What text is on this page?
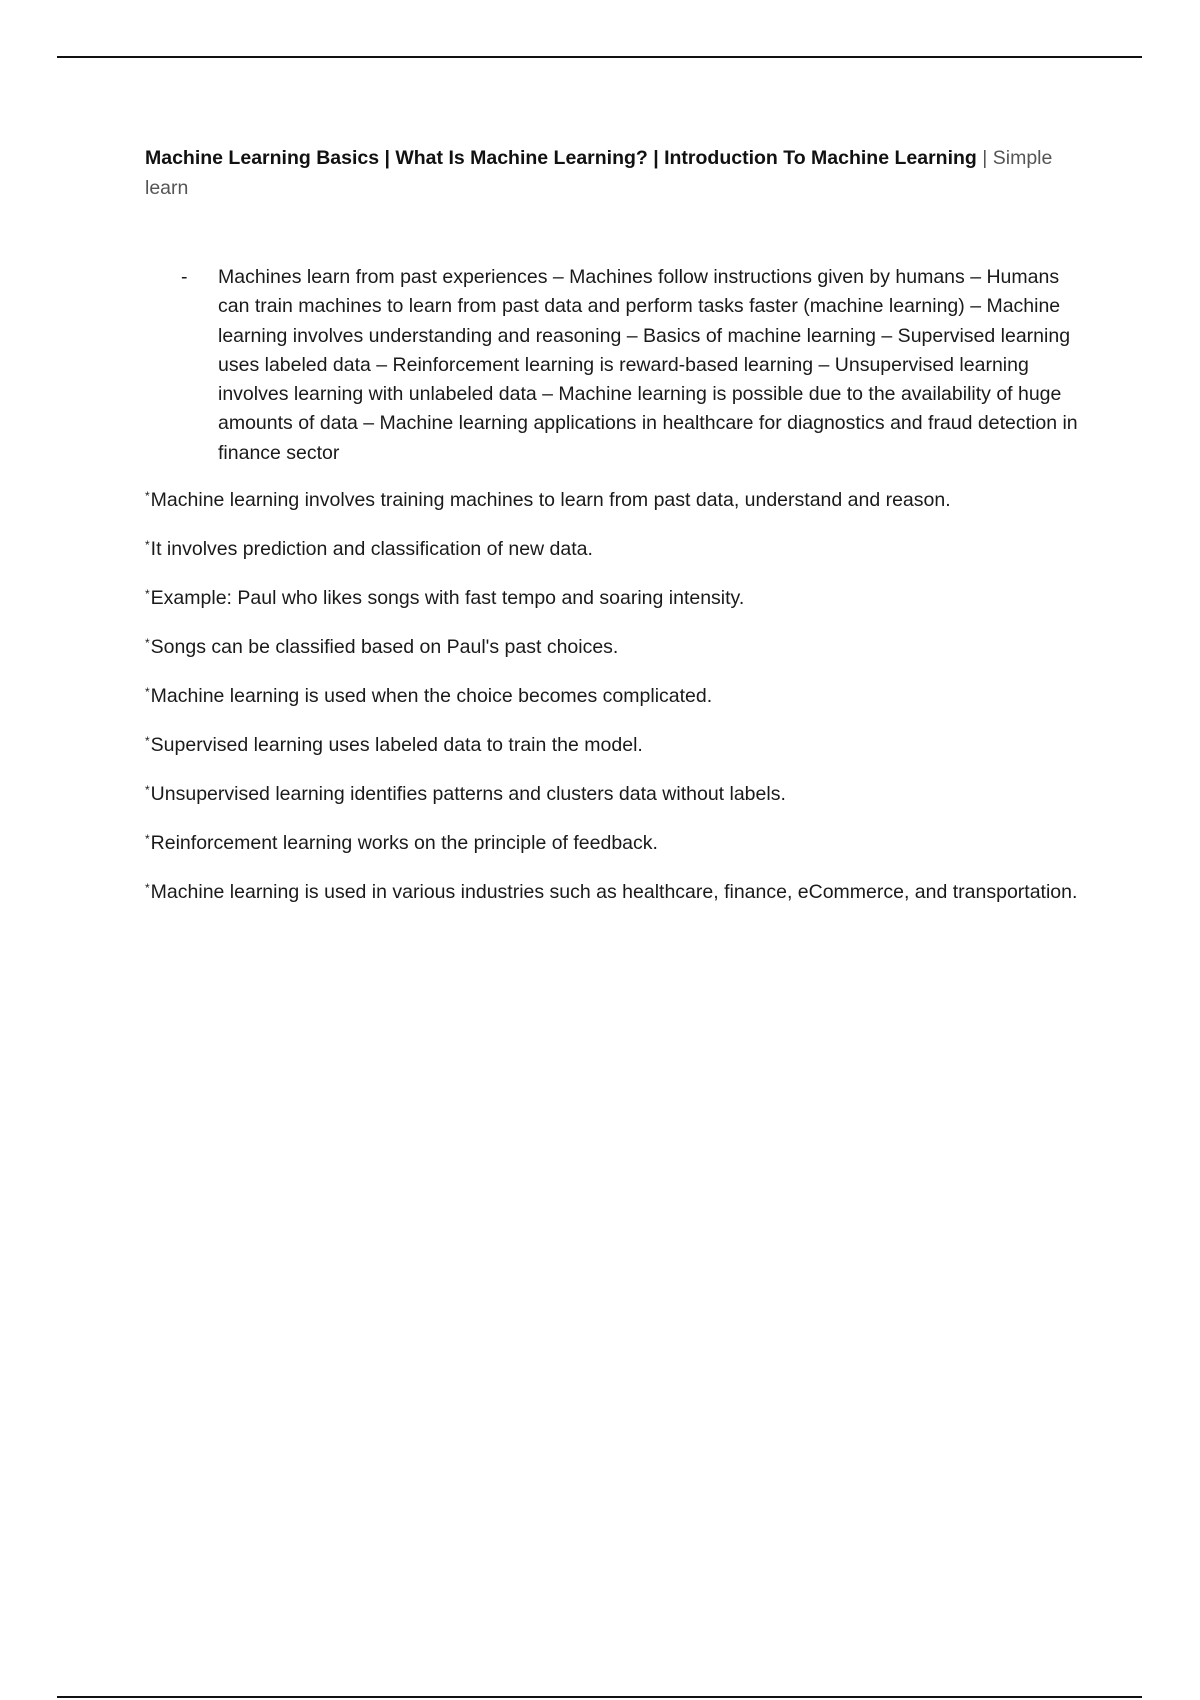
Machine Learning Basics | What Is Machine Learning? | Introduction To Machine Learning | Simple learn

-	Machines learn from past experiences – Machines follow instructions given by humans – Humans can train machines to learn from past data and perform tasks faster (machine learning) – Machine learning involves understanding and reasoning – Basics of machine learning – Supervised learning uses labeled data – Reinforcement learning is reward-based learning – Unsupervised learning involves learning with unlabeled data – Machine learning is possible due to the availability of huge amounts of data – Machine learning applications in healthcare for diagnostics and fraud detection in finance sector
*Machine learning involves training machines to learn from past data, understand and reason.
*It involves prediction and classification of new data.
*Example: Paul who likes songs with fast tempo and soaring intensity.
*Songs can be classified based on Paul's past choices.
*Machine learning is used when the choice becomes complicated.
*Supervised learning uses labeled data to train the model.
*Unsupervised learning identifies patterns and clusters data without labels.
*Reinforcement learning works on the principle of feedback.
*Machine learning is used in various industries such as healthcare, finance, eCommerce, and transportation.
